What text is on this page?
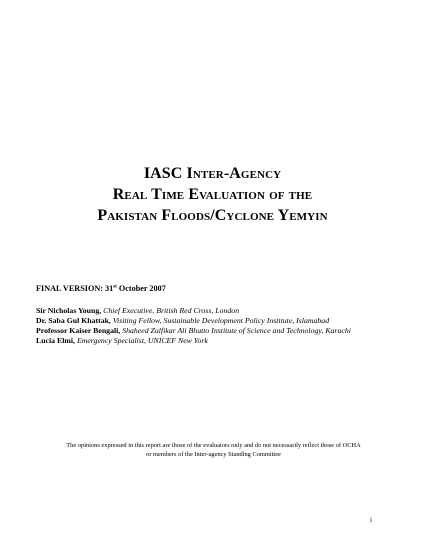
IASC Inter-Agency
Real Time Evaluation of the
Pakistan Floods/Cyclone Yemyin
FINAL VERSION: 31st October 2007
Sir Nicholas Young, Chief Executive, British Red Cross, London
Dr. Saba Gul Khattak, Visiting Fellow, Sustainable Development Policy Institute, Islamabad
Professor Kaiser Bengali, Shaheed Zulfikar Ali Bhutto Institute of Science and Technology, Karachi
Lucia Elmi, Emergency Specialist, UNICEF New York
The opinions expressed in this report are those of the evaluators only and do not necessarily reflect those of OCHA
or members of the Inter-agency Standing Committee
i
